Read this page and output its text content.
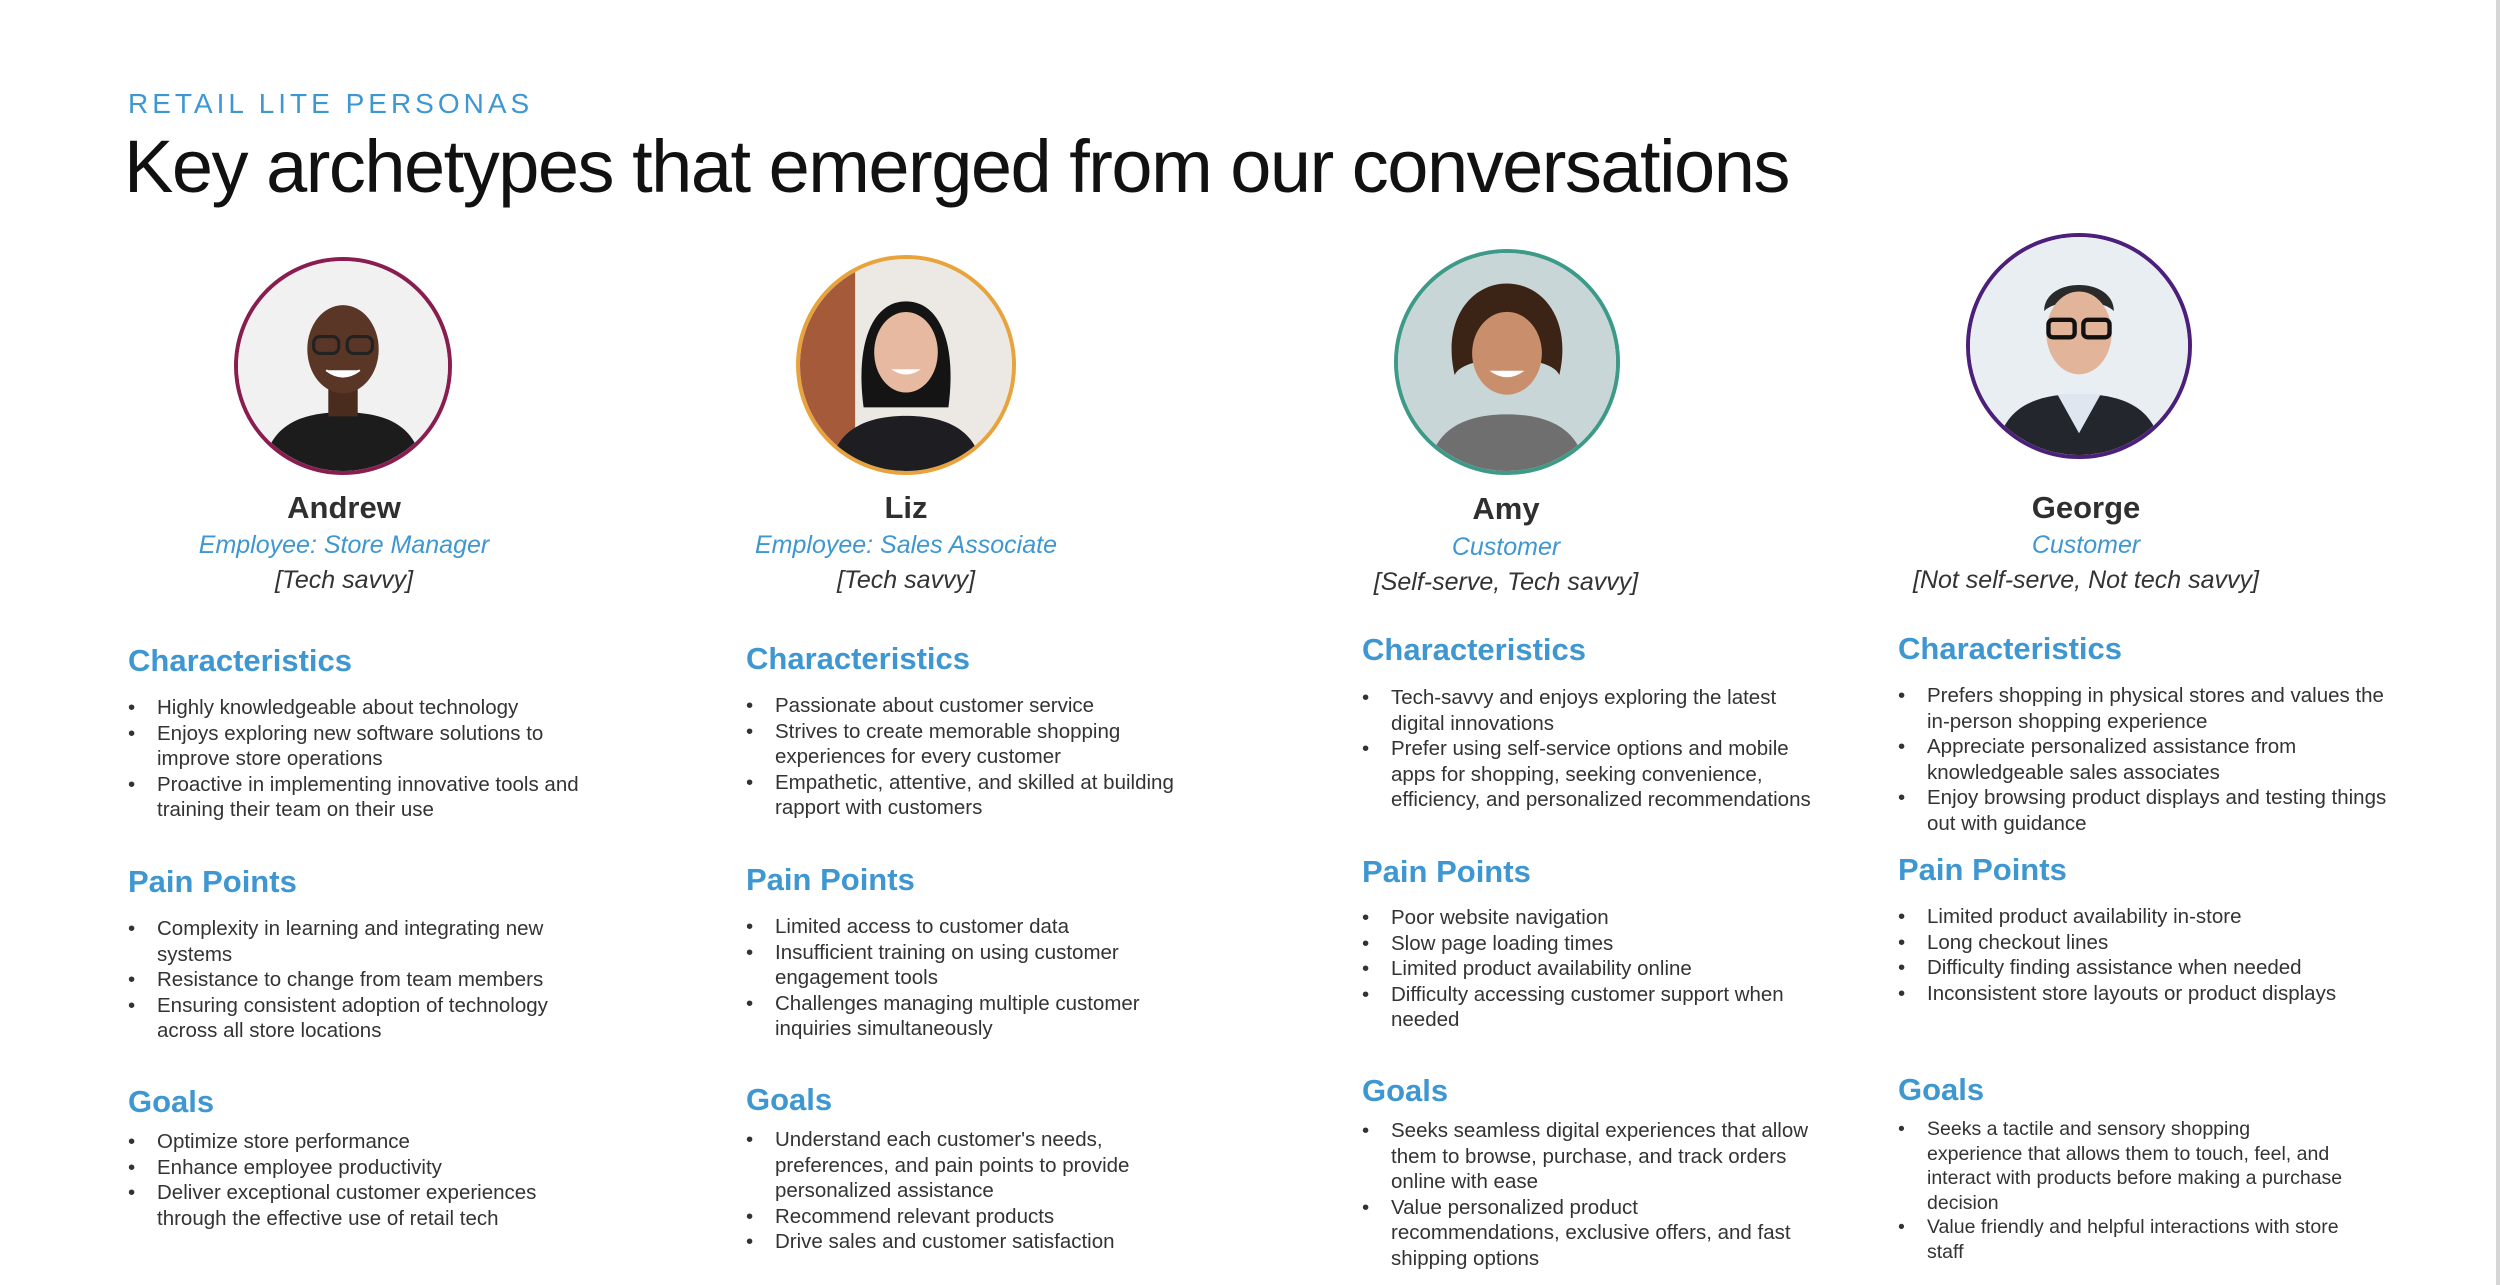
RETAIL LITE PERSONAS
Key archetypes that emerged from our conversations
Andrew
Employee: Store Manager
[Tech savvy]
Characteristics
• Highly knowledgeable about technology
• Enjoys exploring new software solutions to improve store operations
• Proactive in implementing innovative tools and training their team on their use
Pain Points
• Complexity in learning and integrating new systems
• Resistance to change from team members
• Ensuring consistent adoption of technology across all store locations
Goals
• Optimize store performance
• Enhance employee productivity
• Deliver exceptional customer experiences through the effective use of retail tech
Liz
Employee: Sales Associate
[Tech savvy]
Characteristics
• Passionate about customer service
• Strives to create memorable shopping experiences for every customer
• Empathetic, attentive, and skilled at building rapport with customers
Pain Points
• Limited access to customer data
• Insufficient training on using customer engagement tools
• Challenges managing multiple customer inquiries simultaneously
Goals
• Understand each customer's needs, preferences, and pain points to provide personalized assistance
• Recommend relevant products
• Drive sales and customer satisfaction
Amy
Customer
[Self-serve, Tech savvy]
Characteristics
• Tech-savvy and enjoys exploring the latest digital innovations
• Prefer using self-service options and mobile apps for shopping, seeking convenience, efficiency, and personalized recommendations
Pain Points
• Poor website navigation
• Slow page loading times
• Limited product availability online
• Difficulty accessing customer support when needed
Goals
• Seeks seamless digital experiences that allow them to browse, purchase, and track orders online with ease
• Value personalized product recommendations, exclusive offers, and fast shipping options
George
Customer
[Not self-serve, Not tech savvy]
Characteristics
• Prefers shopping in physical stores and values the in-person shopping experience
• Appreciate personalized assistance from knowledgeable sales associates
• Enjoy browsing product displays and testing things out with guidance
Pain Points
• Limited product availability in-store
• Long checkout lines
• Difficulty finding assistance when needed
• Inconsistent store layouts or product displays
Goals
• Seeks a tactile and sensory shopping experience that allows them to touch, feel, and interact with products before making a purchase decision
• Value friendly and helpful interactions with store staff
